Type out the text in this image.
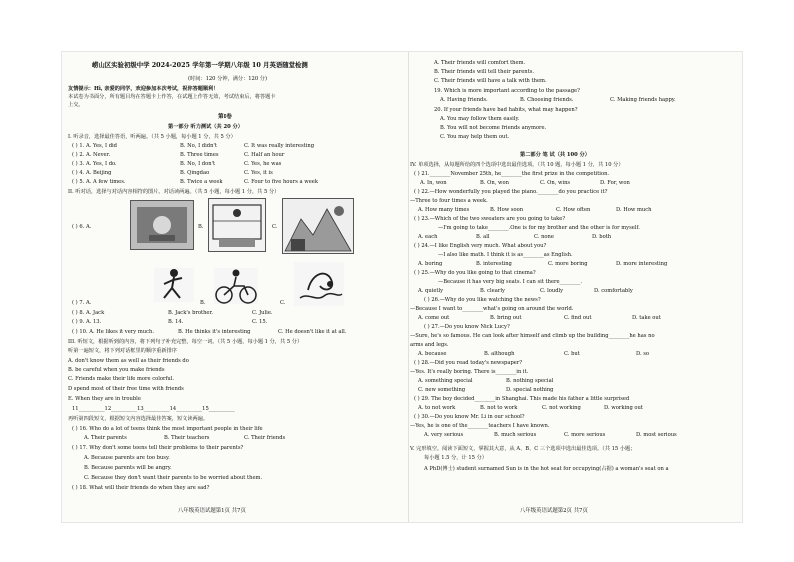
崂山区实验初级中学 2024-2025 学年第一学期八年级 10 月英语随堂检测
(时间：120 分钟，满分：120 分)
友情提示：Hi, 亲爱的同学，欢迎参加本次考试，祝你答题顺利！
本试卷为书面分，所有题目均在答题卡上作答，在试题上作答无效，考试结束后，将答题卡
上交。
第I卷
第一部分 听力测试（共 20 分）
I. 听录音，选择最佳答语，听两遍。（共 5 小题，每小题 1 分，共 5 分）
( ) 1. A. Yes, I did	B. No, I didn't	C. It was really interesting
( ) 2. A. Never.	B. Three times	C. Half an hour
( ) 3. A. Yes, I do.	B. No, I don't	C. Yes, he was
( ) 4. A. Beijing	B. Qingdao	C. Yes, it is
( ) 5. A. A few times.	B. Twice a week	C. Four to five hours a week
II. 听对话，选择与对话内容相符的图片。对话读两遍。（共 5 小题，每小题 1 分，共 5 分）
( ) 6. A.	B.	C.
( ) 7. A.	B.	C.
( ) 8. A. Jack	B. Jack's brother.	C. Julie.
( ) 9. A. 13.	B. 14.	C. 15.
( ) 10. A. He likes it very much.	B. He thinks it's interesting	C. He doesn't like it at all.
III. 听短文，根据听到的内容，将下列句子补充完整，每空一词。（共 5 小题，每小题 1 分，共 5 分）
听第一遍短文，将下列对话框里的顺序重新排序
A. don't know them as well as their friends do
B. be careful when you make friends
C. Friends make their life more colorful.
D spend most of their free time with friends
E. When they are in trouble
11__________12__________13__________14__________15__________
再听第四段短文，根据短文内容选择最佳答案，短文读两遍。
( ) 16. Who do a lot of teens think the most important people in their life
A. Their parents	B. Their teachers	C. Their friends
( ) 17. Why don't some teens tell their problems to their parents?
A. Because parents are too busy.
B. Because parents will be angry.
C. Because they don't want their parents to be worried about them.
( ) 18. What will their friends do when they are sad?
八年级英语试题第1页 共7页
A. Their friends will comfort them.
B. Their friends will tell their parents.
C. Their friends will have a talk with them.
19. Which is more important according to the passage?
A. Having friends.	B. Choosing friends.	C. Making friends happy.
20. If your friends have bad habits, what may happen?
A. You may follow them easily.
B. You will not become friends anymore.
C. You may help them out.
第二部分 笔 试（共 100 分）
IV. 单项选择，从每题所给的四个选项中选出最佳选项。（共 10 题，每小题 1 分，共 10 分）
( ) 21.________November 25th, he________the first prize in the competition.
A. In, won	B. On, won	C. On, wins	D. For, won
( ) 22.—How wonderfully you played the piano.________do you practice it?
—Three to four times a week.
A. How many times	B. How soon	C. How often	D. How much
( ) 23.—Which of the two sweaters are you going to take?
—I'm going to take________.One is for my brother and the other is for myself.
A. each	B. all	C. none	D. both
( ) 24.—I like English very much. What about you?
—I also like math. I think it is as________as English.
A. boring	B. interesting	C. more boring	D. more interesting
( ) 25.—Why do you like going to that cinema?
—Because it has very big seats. I can sit there________.
A. quietly	B. clearly	C. loudly	D. comfortably
( ) 26.—Why do you like watching the news?
—Because I want to________what's going on around the world.
A. come out	B. bring out	C. find out	D. take out
( ) 27.—Do you know Nick Lucy?
—Sure, he's so famous. He can look after himself and climb up the building________he has no
arms and legs.
A. because	B. although	C. but	D. so
( ) 28.—Did you read today's newspaper?
—Yes. It's really boring. There is________in it.
A. something special	B. nothing special
C. new something	D. special nothing
( ) 29. The boy decided________in Shanghai. This made his father a little surprised
A. to not work	B. not to work	C. not working	D. working out
( ) 30.—Do you know Mr. Li in our school?
—Yes, he is one of the________teachers I have known.
A. very serious	B. much serious	C. more serious	D. most serious
V. 完形填空。阅读下面短文，掌握其大意，从 A、B、C 三个选项中选出最佳选项。（共 15 小题；
每小题 1.5 分，计 15 分）
A PhD(博士) student surnamed Sun is in the hot seat for occupying(占据) a woman's seat on a
八年级英语试题第2页 共7页
